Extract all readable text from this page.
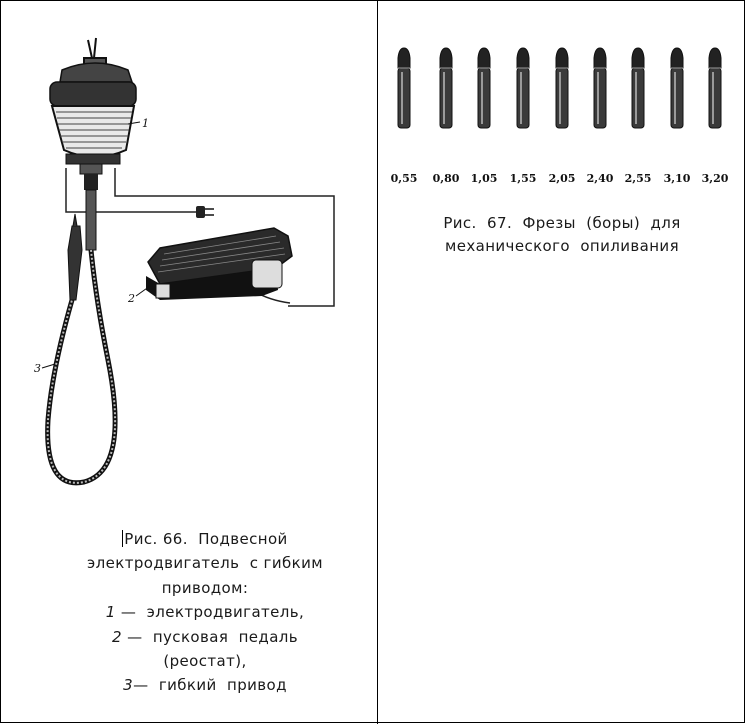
1
3
2
0,55	0,80	1,05	1,55	2,05	2,40	2,55	3,10	3,20
Рис.  67.  Фрезы  (боры)  для
механического  опиливания
Рис. 66.  Подвесной
электродвигатель  с гибким
приводом:
1 —  электродвигатель,
2 —  пусковая  педаль
(реостат),
3—  гибкий  привод
